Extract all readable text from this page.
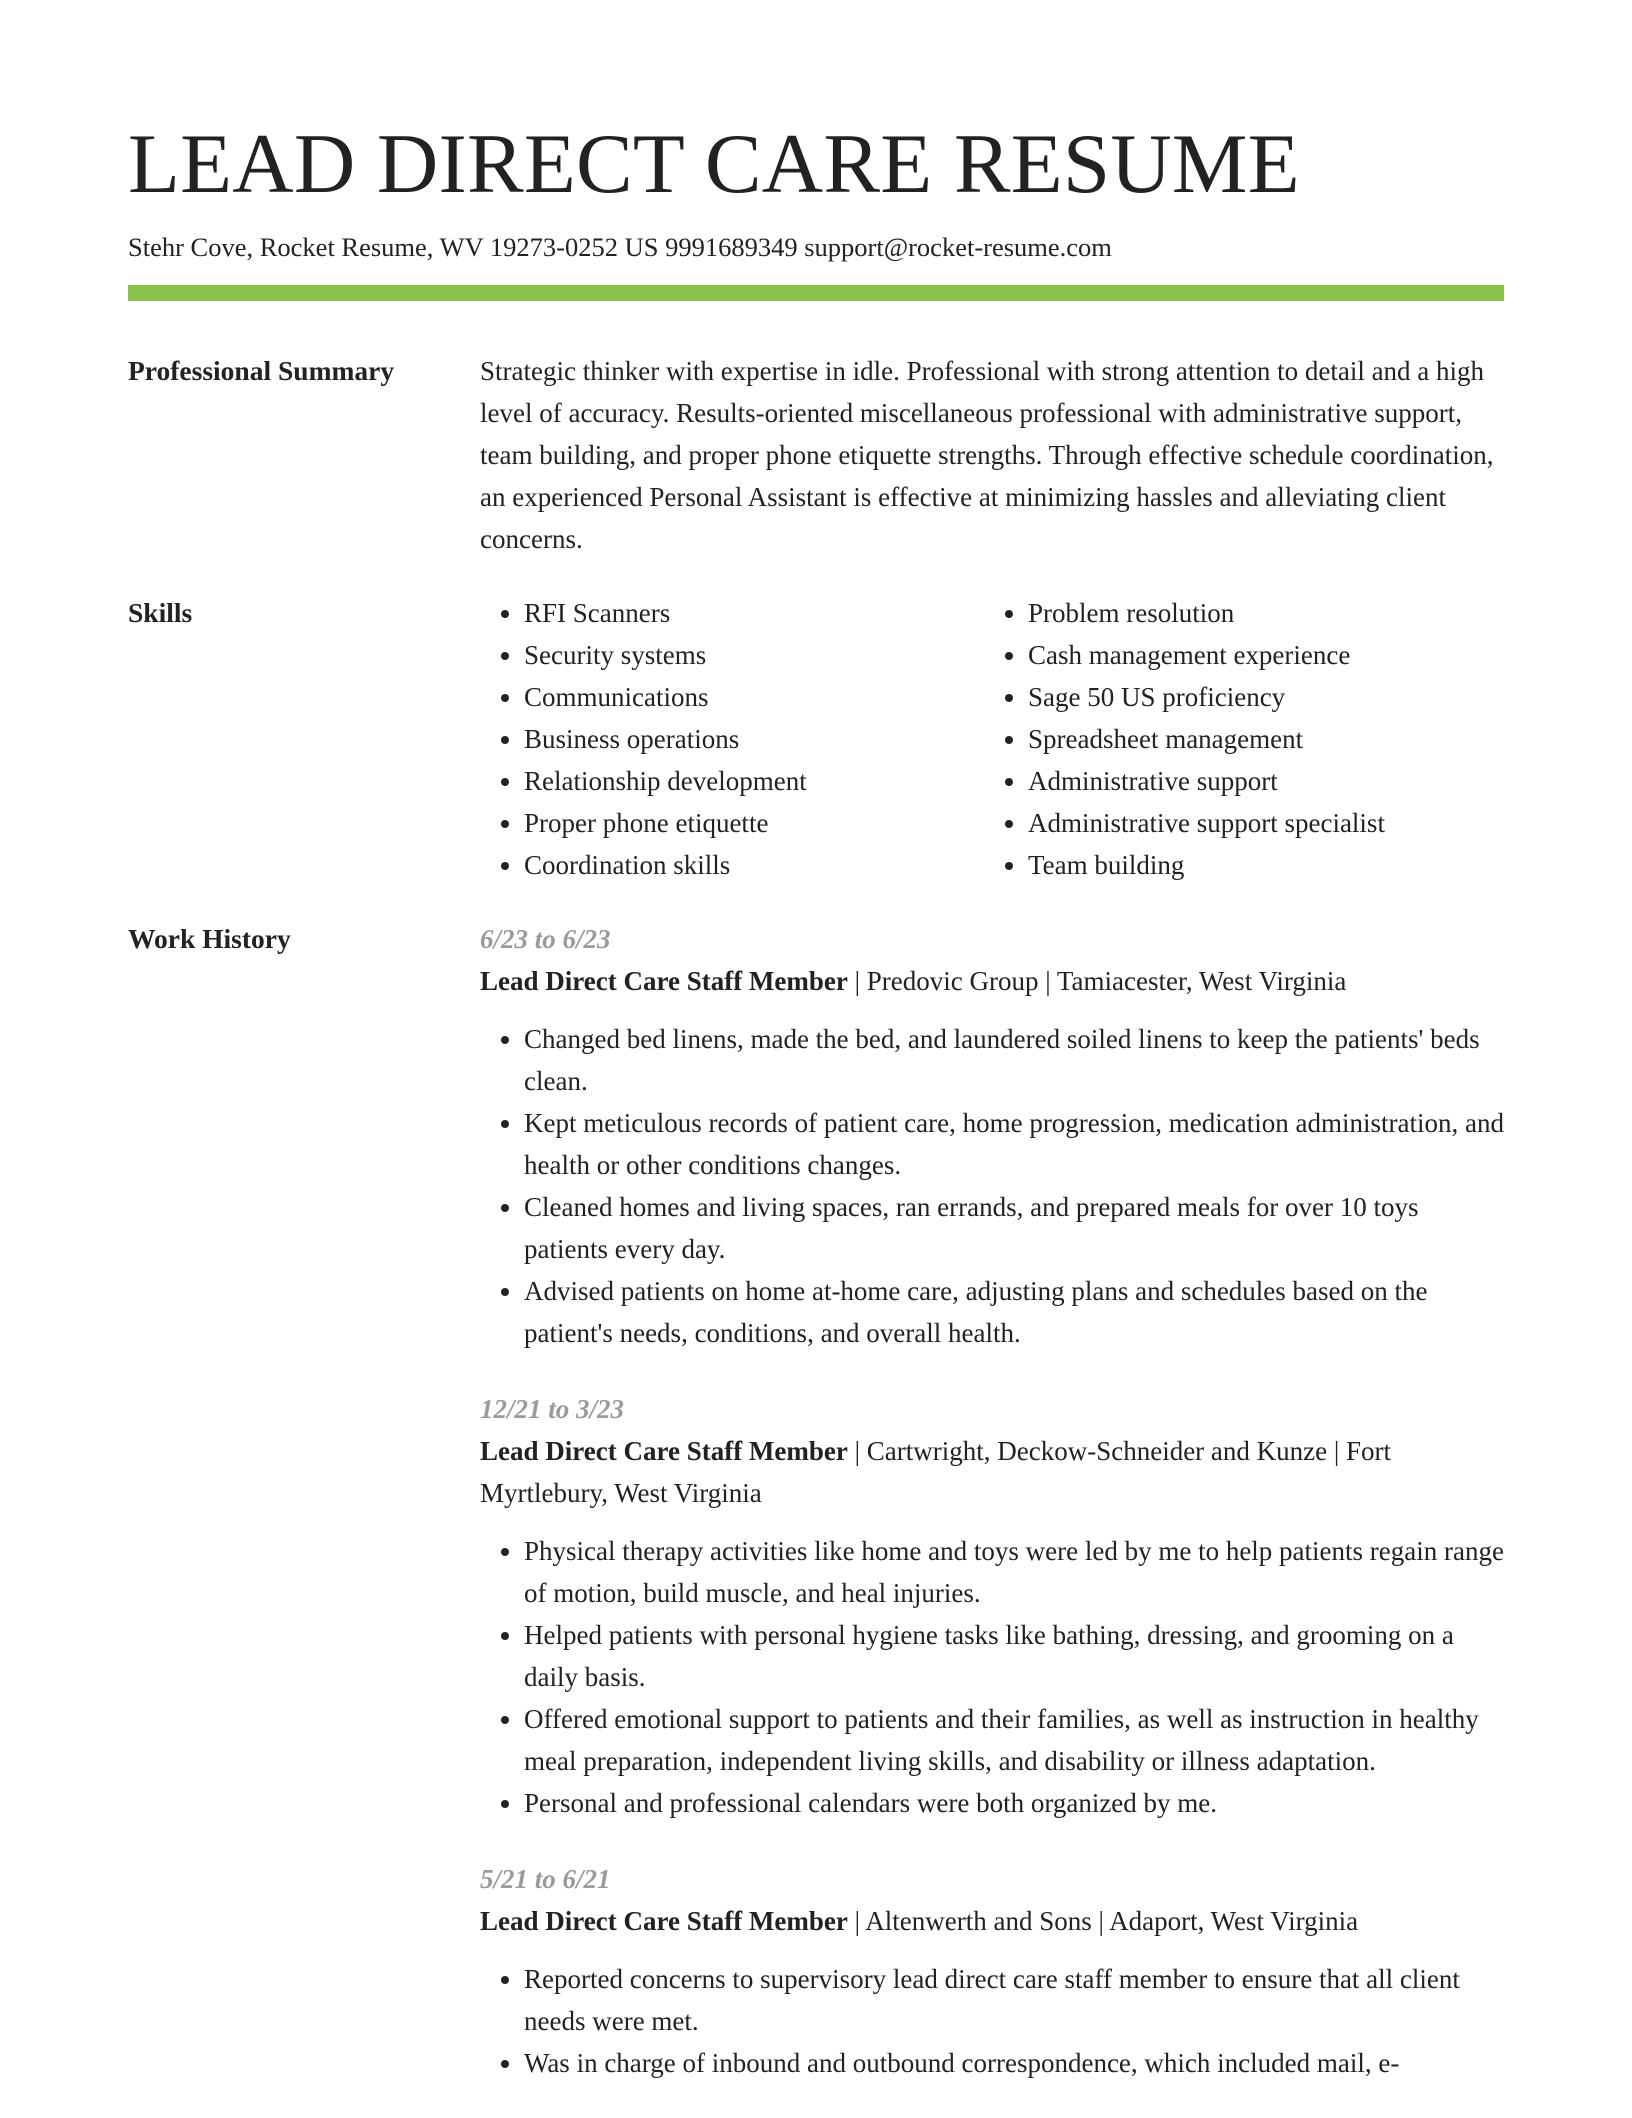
LEAD DIRECT CARE RESUME
Stehr Cove, Rocket Resume, WV 19273-0252 US 9991689349 support@rocket-resume.com
Professional Summary	Strategic thinker with expertise in idle. Professional with strong attention to detail and a high level of accuracy. Results-oriented miscellaneous professional with administrative support, team building, and proper phone etiquette strengths. Through effective schedule coordination, an experienced Personal Assistant is effective at minimizing hassles and alleviating client concerns.
Skills
•	RFI Scanners
• Security systems
• Communications
• Business operations
• Relationship development
• Proper phone etiquette
• Coordination skills
• Problem resolution
• Cash management experience
• Sage 50 US proficiency
• Spreadsheet management
• Administrative support
• Administrative support specialist
• Team building
Work History	6/23 to 6/23
Lead Direct Care Staff Member | Predovic Group | Tamiacester, West Virginia
• Changed bed linens, made the bed, and laundered soiled linens to keep the patients' beds clean.
• Kept meticulous records of patient care, home progression, medication administration, and health or other conditions changes.
• Cleaned homes and living spaces, ran errands, and prepared meals for over 10 toys patients every day.
• Advised patients on home at-home care, adjusting plans and schedules based on the patient's needs, conditions, and overall health.
12/21 to 3/23
Lead Direct Care Staff Member | Cartwright, Deckow-Schneider and Kunze | Fort Myrtlebury, West Virginia
• Physical therapy activities like home and toys were led by me to help patients regain range of motion, build muscle, and heal injuries.
• Helped patients with personal hygiene tasks like bathing, dressing, and grooming on a daily basis.
• Offered emotional support to patients and their families, as well as instruction in healthy meal preparation, independent living skills, and disability or illness adaptation.
• Personal and professional calendars were both organized by me.
5/21 to 6/21
Lead Direct Care Staff Member | Altenwerth and Sons | Adaport, West Virginia
• Reported concerns to supervisory lead direct care staff member to ensure that all client needs were met.
• Was in charge of inbound and outbound correspondence, which included mail, e-
